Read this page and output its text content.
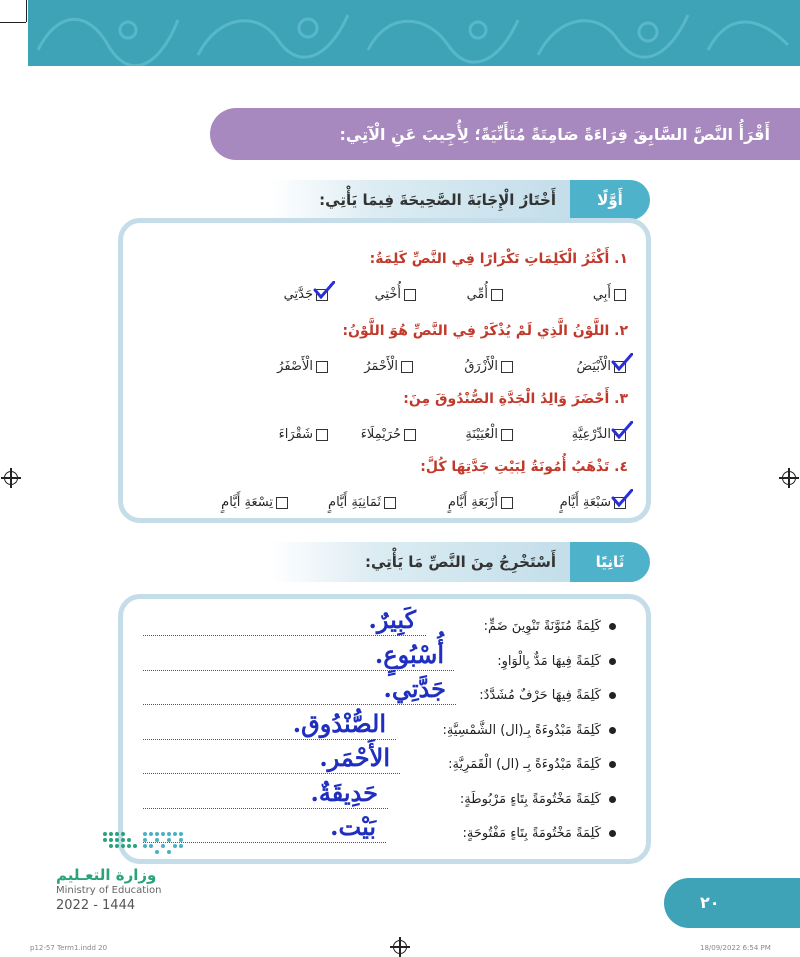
أَقْرَأُ النَّصَّ السَّابِقَ قِرَاءَةً صَامِتَةً مُتَأَنِّيَةً؛ لِأُجِيبَ عَنِ الْآتِي:
أَخْتَارُ الْإِجَابَةَ الصَّحِيحَةَ فِيمَا يَأْتِي:	أَوَّلًا
١. أَكْثَرُ الْكَلِمَاتِ تَكْرَارًا فِي النَّصِّ كَلِمَةُ:
أَبِي
أُمِّي
أُخْتِي
جَدَّتِي
٢. اللَّوْنُ الَّذِي لَمْ يُذْكَرْ فِي النَّصِّ هُوَ اللَّوْنُ:
الْأَبْيَضُ
الْأَزْرَقُ
الْأَحْمَرُ
الْأَصْفَرُ
٣. أَحْضَرَ وَالِدُ الْجَدَّةِ الصُّنْدُوقَ مِنَ:
الدِّرْعِيَّةِ
الْعُيَيْنَةِ
حُرَيْمِلَاءَ
شَقْرَاءَ
٤. تَذْهَبُ أُمُونَةُ لِبَيْتِ جَدَّتِهَا كُلَّ:
سَبْعَةِ أَيَّامٍ
أَرْبَعَةِ أَيَّامٍ
ثَمَانِيَةِ أَيَّامٍ
تِسْعَةِ أَيَّامٍ
أَسْتَخْرِجُ مِنَ النَّصِّ مَا يَأْتِي:	ثَانِيًا
كَلِمَةً مُنَوَّنَةً تَنْوِينَ ضَمٍّ:
كَبِيرٌ.
كَلِمَةً فِيهَا مَدٌّ بِالْوَاوِ:
أُسْبُوعٍ.
كَلِمَةً فِيهَا حَرْفٌ مُشَدَّدٌ:
جَدَّتِي.
كَلِمَةً مَبْدُوءَةً بِـ(ال) الشَّمْسِيَّةِ:
الصُّنْدُوق.
كَلِمَةً مَبْدُوءَةً بِـ (ال) الْقَمَرِيَّةِ:
الأَحْمَر.
كَلِمَةً مَخْتُومَةً بِتَاءٍ مَرْبُوطَةٍ:
حَدِيقَةٌ.
كَلِمَةً مَخْتُومَةً بِتَاءٍ مَفْتُوحَةٍ:
بَيْت.
وزارة التعـليم
Ministry of Education
2022 - 1444	٢٠
p12-57 Term1.indd 20	18/09/2022 6:54 PM
